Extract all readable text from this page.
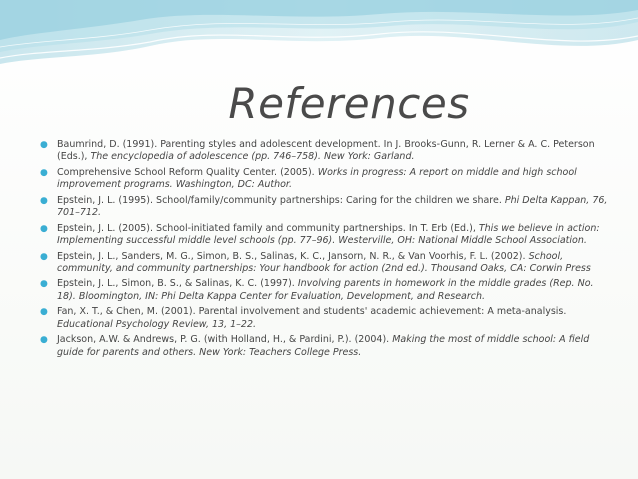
References
● Baumrind, D. (1991). Parenting styles and adolescent development. In J. Brooks-Gunn, R. Lerner & A. C. Peterson (Eds.), The encyclopedia of adolescence (pp. 746–758). New York: Garland.
● Comprehensive School Reform Quality Center. (2005). Works in progress: A report on middle and high school improvement programs. Washington, DC: Author.
● Epstein, J. L. (1995). School/family/community partnerships: Caring for the children we share. Phi Delta Kappan, 76, 701–712.
● Epstein, J. L. (2005). School-initiated family and community partnerships. In T. Erb (Ed.), This we believe in action: Implementing successful middle level schools (pp. 77–96). Westerville, OH: National Middle School Association.
● Epstein, J. L., Sanders, M. G., Simon, B. S., Salinas, K. C., Jansorn, N. R., & Van Voorhis, F. L. (2002). School, community, and community partnerships: Your handbook for action (2nd ed.). Thousand Oaks, CA: Corwin Press
● Epstein, J. L., Simon, B. S., & Salinas, K. C. (1997). Involving parents in homework in the middle grades (Rep. No. 18). Bloomington, IN: Phi Delta Kappa Center for Evaluation, Development, and Research.
● Fan, X. T., & Chen, M. (2001). Parental involvement and students' academic achievement: A meta-analysis. Educational Psychology Review, 13, 1–22.
● Jackson, A.W. & Andrews, P. G. (with Holland, H., & Pardini, P.). (2004). Making the most of middle school: A field guide for parents and others. New York: Teachers College Press.
